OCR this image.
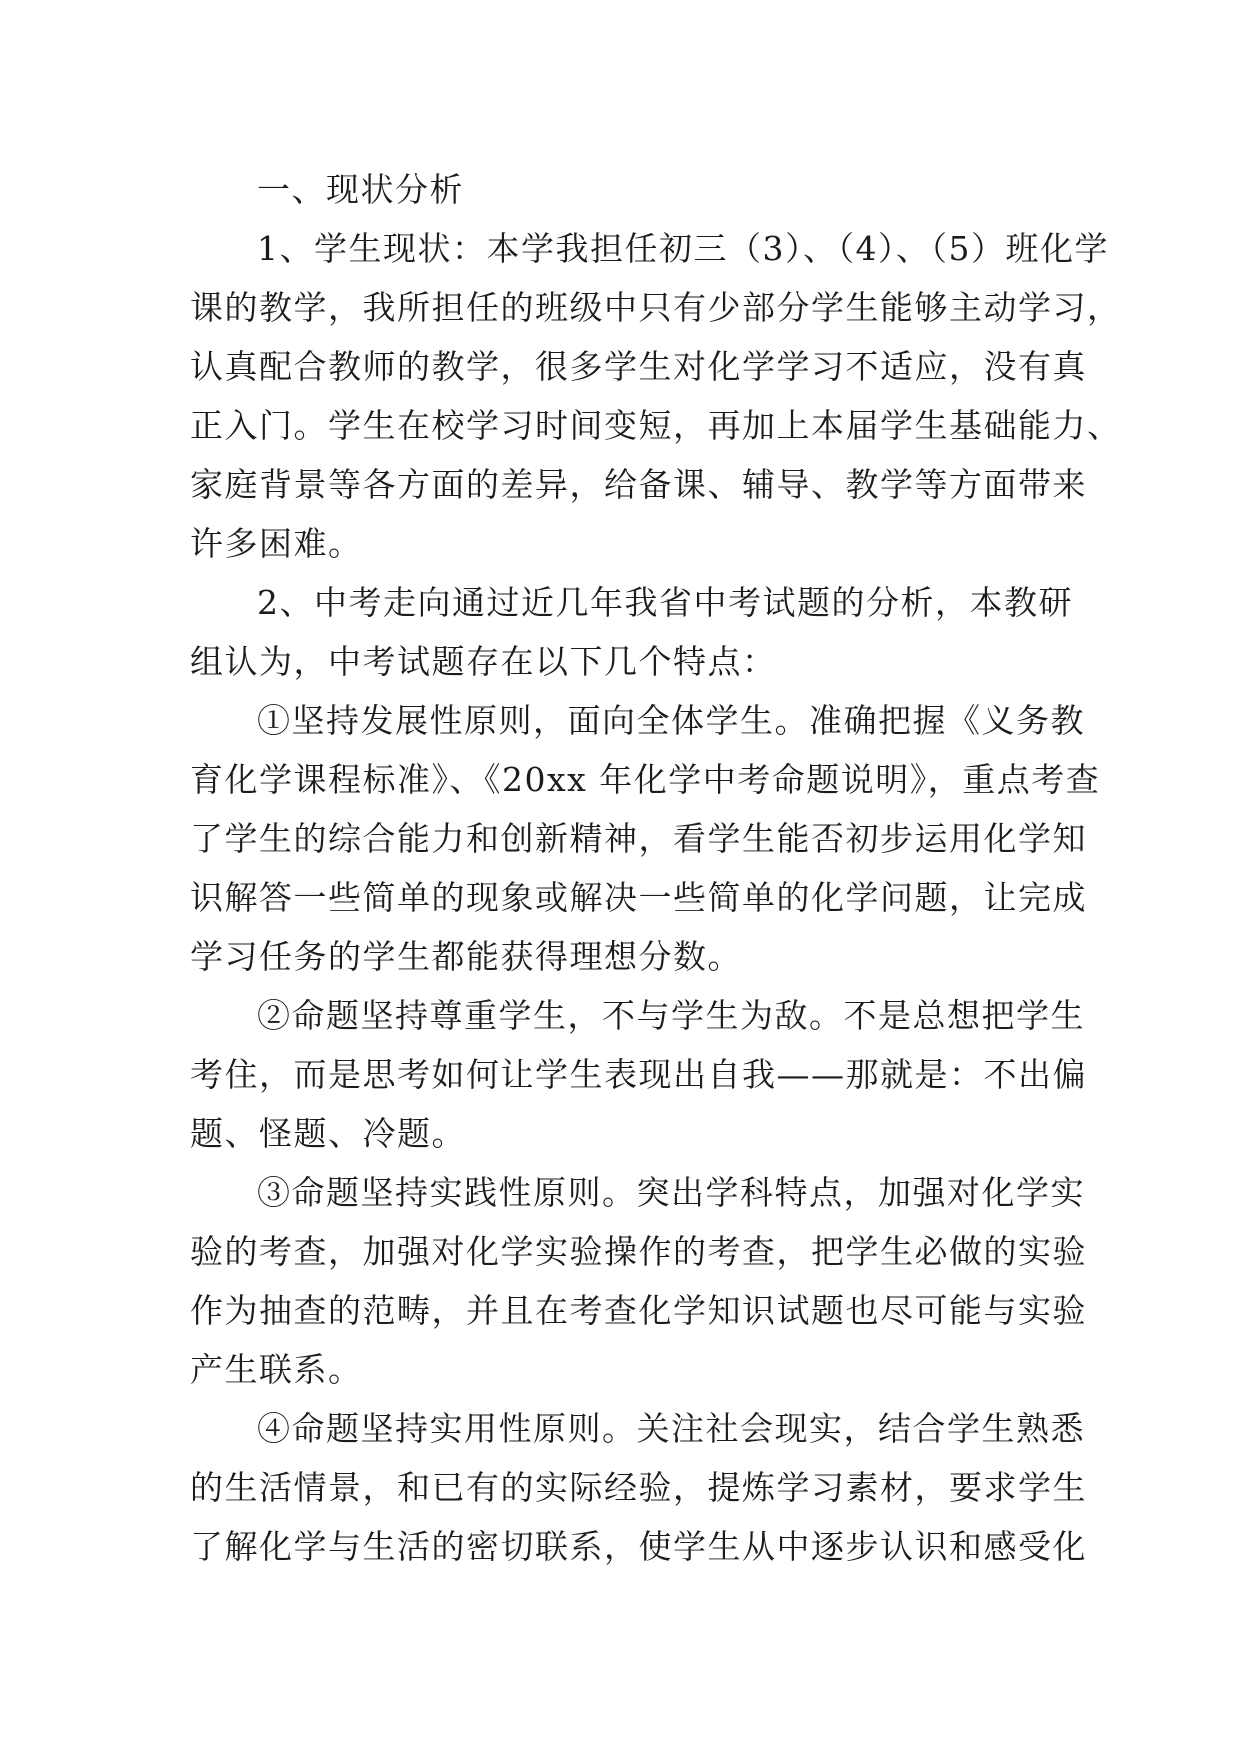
一、现状分析
1、学生现状：本学我担任初三（3）、（4）、（5）班化学
课的教学，我所担任的班级中只有少部分学生能够主动学习，
认真配合教师的教学，很多学生对化学学习不适应，没有真
正入门。学生在校学习时间变短，再加上本届学生基础能力、
家庭背景等各方面的差异，给备课、辅导、教学等方面带来
许多困难。
2、中考走向通过近几年我省中考试题的分析，本教研
组认为，中考试题存在以下几个特点：
①坚持发展性原则，面向全体学生。准确把握《义务教
育化学课程标准》、《20xx 年化学中考命题说明》，重点考查
了学生的综合能力和创新精神，看学生能否初步运用化学知
识解答一些简单的现象或解决一些简单的化学问题，让完成
学习任务的学生都能获得理想分数。
②命题坚持尊重学生，不与学生为敌。不是总想把学生
考住，而是思考如何让学生表现出自我——那就是：不出偏
题、怪题、冷题。
③命题坚持实践性原则。突出学科特点，加强对化学实
验的考查，加强对化学实验操作的考查，把学生必做的实验
作为抽查的范畴，并且在考查化学知识试题也尽可能与实验
产生联系。
④命题坚持实用性原则。关注社会现实，结合学生熟悉
的生活情景，和已有的实际经验，提炼学习素材，要求学生
了解化学与生活的密切联系，使学生从中逐步认识和感受化
